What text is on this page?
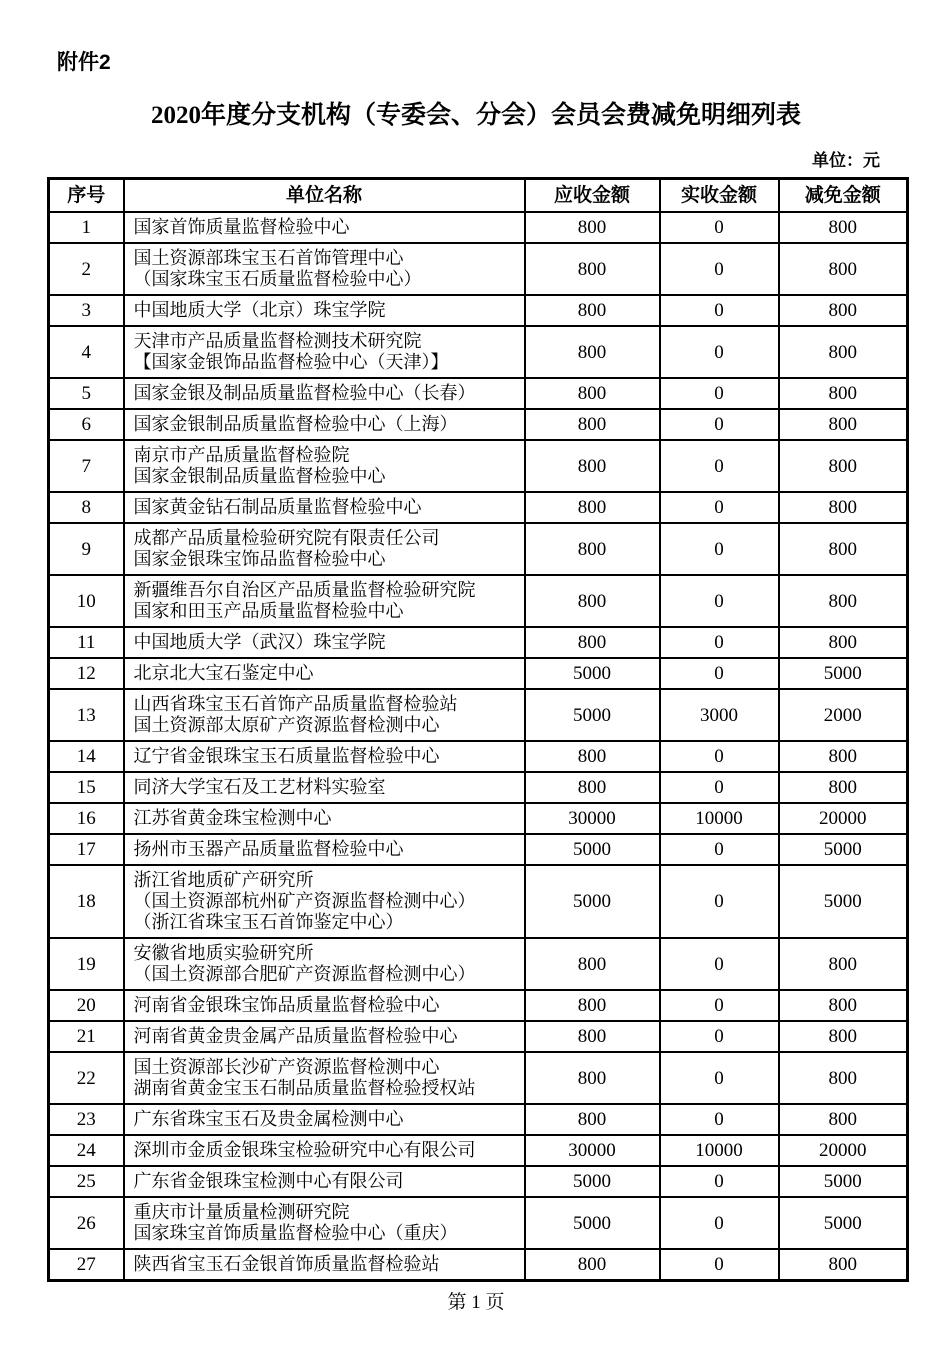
附件2
2020年度分支机构（专委会、分会）会员会费减免明细列表
单位：元
序号	单位名称	应收金额	实收金额	减免金额
1	国家首饰质量监督检验中心	800	0	800
2	国土资源部珠宝玉石首饰管理中心
（国家珠宝玉石质量监督检验中心）	800	0	800
3	中国地质大学（北京）珠宝学院	800	0	800
4	天津市产品质量监督检测技术研究院
【国家金银饰品监督检验中心（天津）】	800	0	800
5	国家金银及制品质量监督检验中心（长春）	800	0	800
6	国家金银制品质量监督检验中心（上海）	800	0	800
7	南京市产品质量监督检验院
国家金银制品质量监督检验中心	800	0	800
8	国家黄金钻石制品质量监督检验中心	800	0	800
9	成都产品质量检验研究院有限责任公司
国家金银珠宝饰品监督检验中心	800	0	800
10	新疆维吾尔自治区产品质量监督检验研究院
国家和田玉产品质量监督检验中心	800	0	800
11	中国地质大学（武汉）珠宝学院	800	0	800
12	北京北大宝石鉴定中心	5000	0	5000
13	山西省珠宝玉石首饰产品质量监督检验站
国土资源部太原矿产资源监督检测中心	5000	3000	2000
14	辽宁省金银珠宝玉石质量监督检验中心	800	0	800
15	同济大学宝石及工艺材料实验室	800	0	800
16	江苏省黄金珠宝检测中心	30000	10000	20000
17	扬州市玉器产品质量监督检验中心	5000	0	5000
18	浙江省地质矿产研究所
（国土资源部杭州矿产资源监督检测中心）
（浙江省珠宝玉石首饰鉴定中心）	5000	0	5000
19	安徽省地质实验研究所
（国土资源部合肥矿产资源监督检测中心）	800	0	800
20	河南省金银珠宝饰品质量监督检验中心	800	0	800
21	河南省黄金贵金属产品质量监督检验中心	800	0	800
22	国土资源部长沙矿产资源监督检测中心
湖南省黄金宝玉石制品质量监督检验授权站	800	0	800
23	广东省珠宝玉石及贵金属检测中心	800	0	800
24	深圳市金质金银珠宝检验研究中心有限公司	30000	10000	20000
25	广东省金银珠宝检测中心有限公司	5000	0	5000
26	重庆市计量质量检测研究院
国家珠宝首饰质量监督检验中心（重庆）	5000	0	5000
27	陕西省宝玉石金银首饰质量监督检验站	800	0	800
第 1 页
